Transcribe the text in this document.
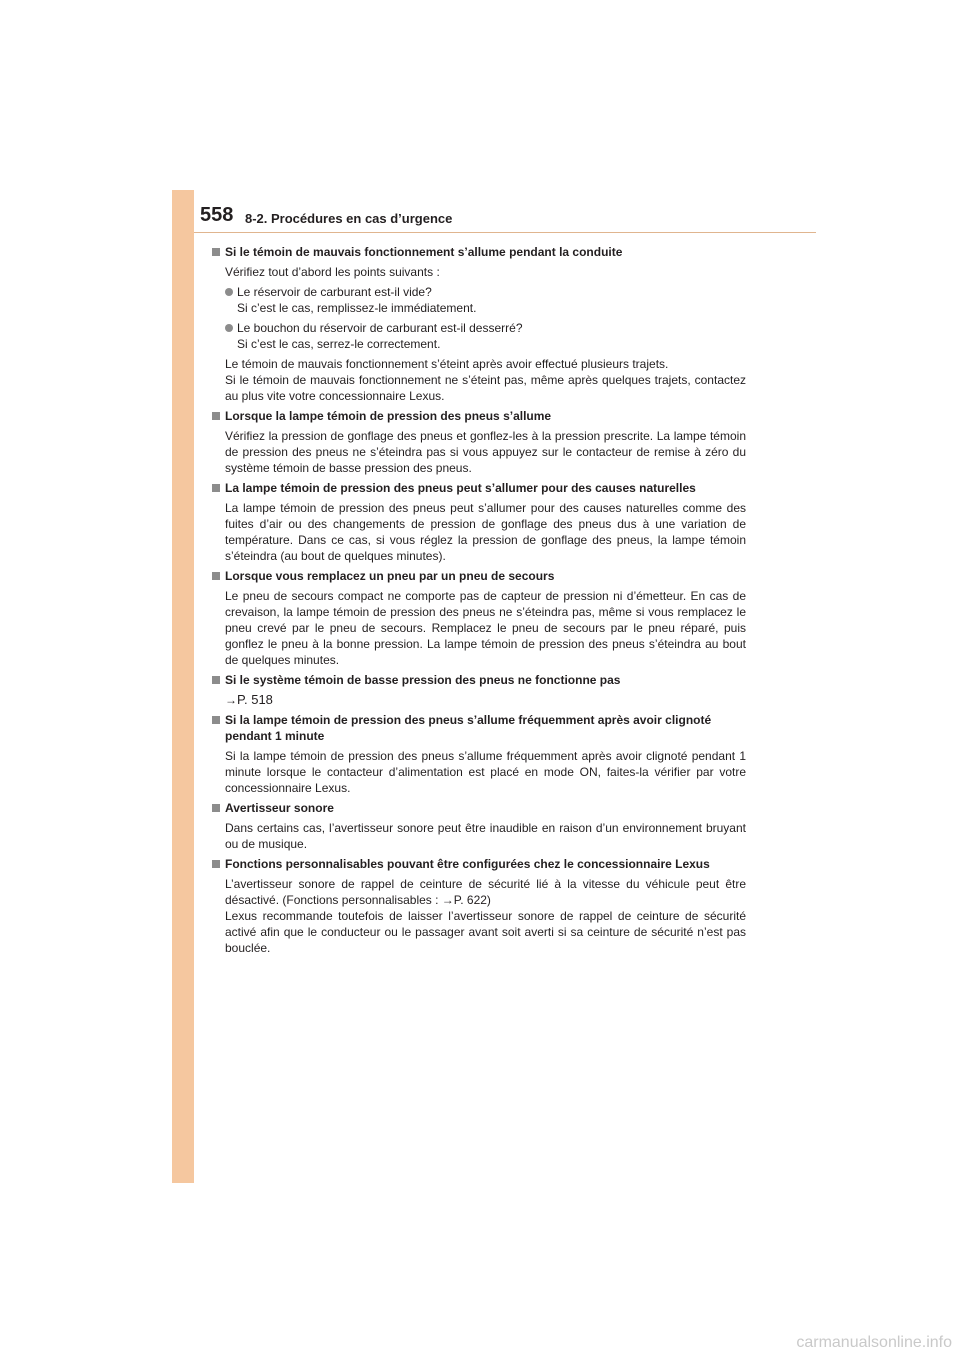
558 8-2. Procédures en cas d’urgence
Si le témoin de mauvais fonctionnement s’allume pendant la conduite
Vérifiez tout d’abord les points suivants :
Le réservoir de carburant est-il vide?
Si c’est le cas, remplissez-le immédiatement.
Le bouchon du réservoir de carburant est-il desserré?
Si c’est le cas, serrez-le correctement.
Le témoin de mauvais fonctionnement s’éteint après avoir effectué plusieurs trajets.
Si le témoin de mauvais fonctionnement ne s’éteint pas, même après quelques trajets, contactez au plus vite votre concessionnaire Lexus.
Lorsque la lampe témoin de pression des pneus s’allume
Vérifiez la pression de gonflage des pneus et gonflez-les à la pression prescrite. La lampe témoin de pression des pneus ne s’éteindra pas si vous appuyez sur le contacteur de remise à zéro du système témoin de basse pression des pneus.
La lampe témoin de pression des pneus peut s’allumer pour des causes naturelles
La lampe témoin de pression des pneus peut s’allumer pour des causes naturelles comme des fuites d’air ou des changements de pression de gonflage des pneus dus à une variation de température. Dans ce cas, si vous réglez la pression de gonflage des pneus, la lampe témoin s’éteindra (au bout de quelques minutes).
Lorsque vous remplacez un pneu par un pneu de secours
Le pneu de secours compact ne comporte pas de capteur de pression ni d’émetteur. En cas de crevaison, la lampe témoin de pression des pneus ne s’éteindra pas, même si vous remplacez le pneu crevé par le pneu de secours. Remplacez le pneu de secours par le pneu réparé, puis gonflez le pneu à la bonne pression. La lampe témoin de pression des pneus s’éteindra au bout de quelques minutes.
Si le système témoin de basse pression des pneus ne fonctionne pas
→P. 518
Si la lampe témoin de pression des pneus s’allume fréquemment après avoir clignoté pendant 1 minute
Si la lampe témoin de pression des pneus s’allume fréquemment après avoir clignoté pendant 1 minute lorsque le contacteur d’alimentation est placé en mode ON, faites-la vérifier par votre concessionnaire Lexus.
Avertisseur sonore
Dans certains cas, l’avertisseur sonore peut être inaudible en raison d’un environnement bruyant ou de musique.
Fonctions personnalisables pouvant être configurées chez le concessionnaire Lexus
L’avertisseur sonore de rappel de ceinture de sécurité lié à la vitesse du véhicule peut être désactivé. (Fonctions personnalisables : →P. 622)
Lexus recommande toutefois de laisser l’avertisseur sonore de rappel de ceinture de sécurité activé afin que le conducteur ou le passager avant soit averti si sa ceinture de sécurité n’est pas bouclée.
carmanualsonline.info
